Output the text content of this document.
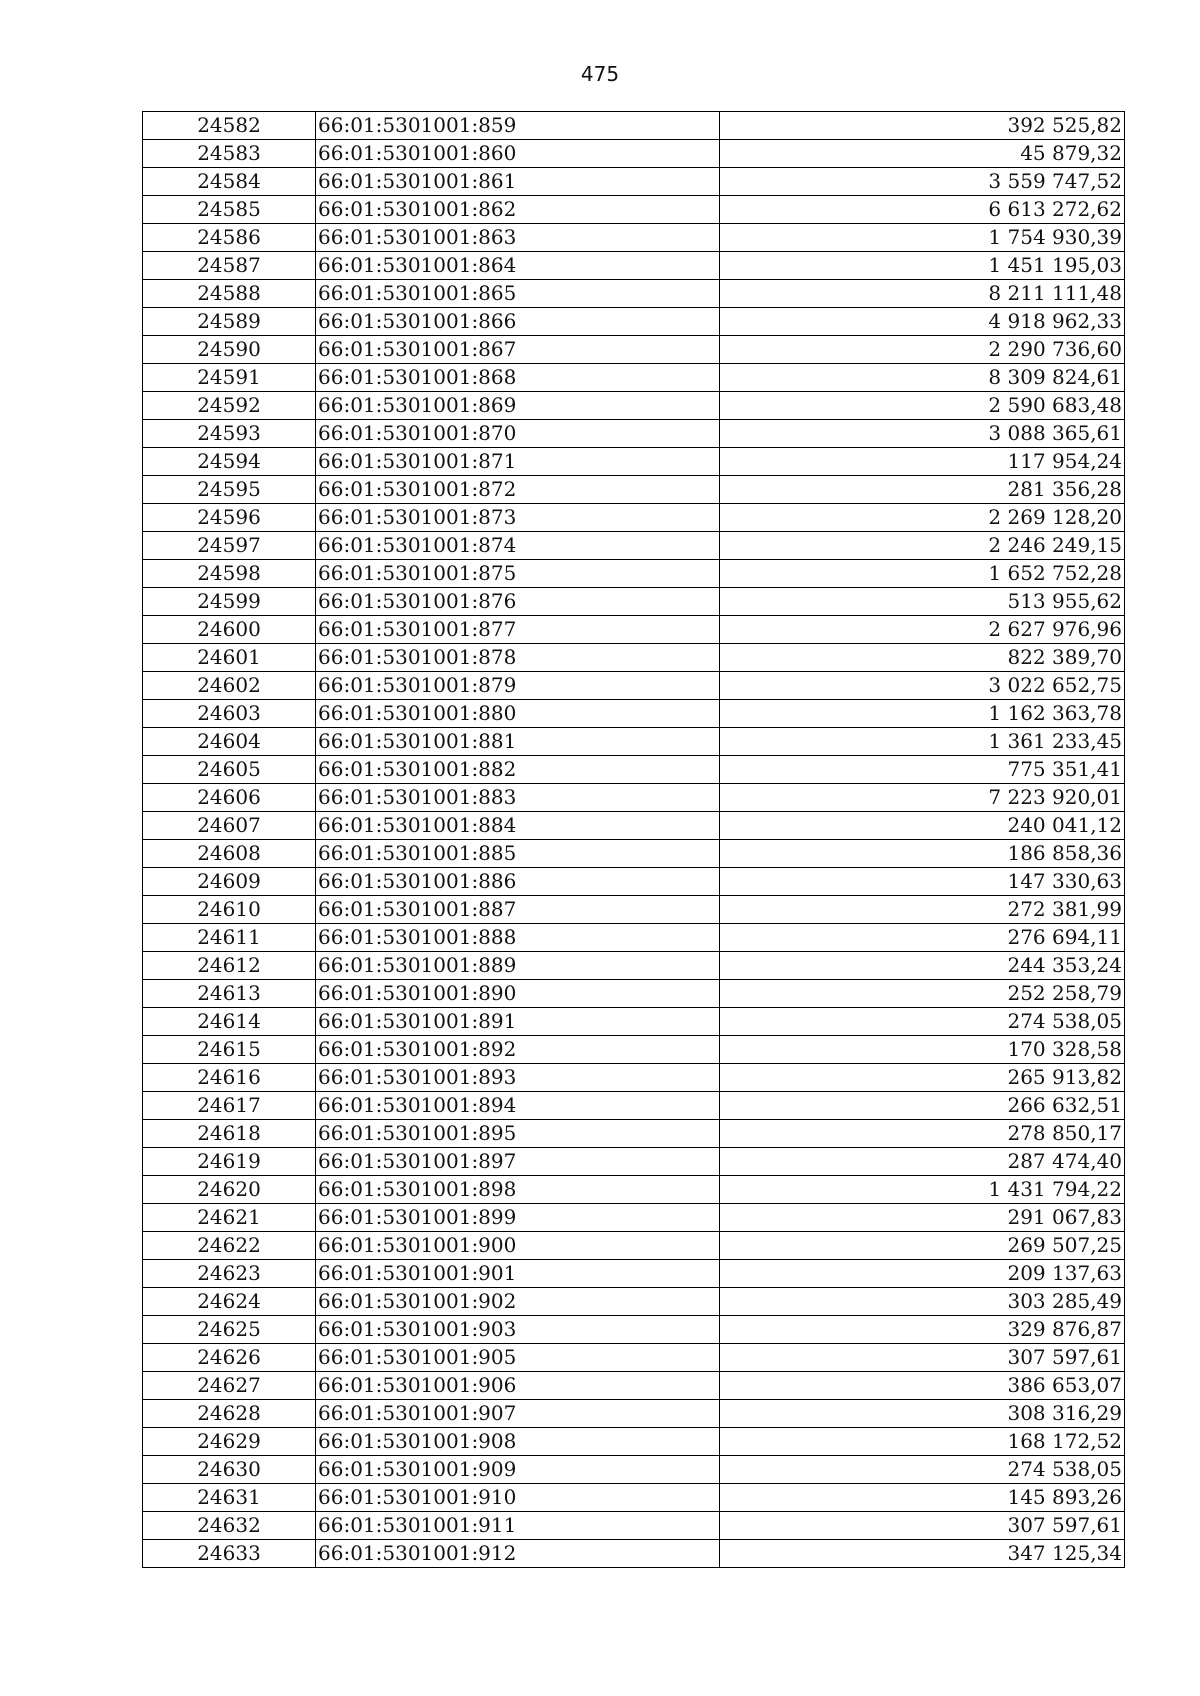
475
24582	66:01:5301001:859	392 525,82
24583	66:01:5301001:860	45 879,32
24584	66:01:5301001:861	3 559 747,52
24585	66:01:5301001:862	6 613 272,62
24586	66:01:5301001:863	1 754 930,39
24587	66:01:5301001:864	1 451 195,03
24588	66:01:5301001:865	8 211 111,48
24589	66:01:5301001:866	4 918 962,33
24590	66:01:5301001:867	2 290 736,60
24591	66:01:5301001:868	8 309 824,61
24592	66:01:5301001:869	2 590 683,48
24593	66:01:5301001:870	3 088 365,61
24594	66:01:5301001:871	117 954,24
24595	66:01:5301001:872	281 356,28
24596	66:01:5301001:873	2 269 128,20
24597	66:01:5301001:874	2 246 249,15
24598	66:01:5301001:875	1 652 752,28
24599	66:01:5301001:876	513 955,62
24600	66:01:5301001:877	2 627 976,96
24601	66:01:5301001:878	822 389,70
24602	66:01:5301001:879	3 022 652,75
24603	66:01:5301001:880	1 162 363,78
24604	66:01:5301001:881	1 361 233,45
24605	66:01:5301001:882	775 351,41
24606	66:01:5301001:883	7 223 920,01
24607	66:01:5301001:884	240 041,12
24608	66:01:5301001:885	186 858,36
24609	66:01:5301001:886	147 330,63
24610	66:01:5301001:887	272 381,99
24611	66:01:5301001:888	276 694,11
24612	66:01:5301001:889	244 353,24
24613	66:01:5301001:890	252 258,79
24614	66:01:5301001:891	274 538,05
24615	66:01:5301001:892	170 328,58
24616	66:01:5301001:893	265 913,82
24617	66:01:5301001:894	266 632,51
24618	66:01:5301001:895	278 850,17
24619	66:01:5301001:897	287 474,40
24620	66:01:5301001:898	1 431 794,22
24621	66:01:5301001:899	291 067,83
24622	66:01:5301001:900	269 507,25
24623	66:01:5301001:901	209 137,63
24624	66:01:5301001:902	303 285,49
24625	66:01:5301001:903	329 876,87
24626	66:01:5301001:905	307 597,61
24627	66:01:5301001:906	386 653,07
24628	66:01:5301001:907	308 316,29
24629	66:01:5301001:908	168 172,52
24630	66:01:5301001:909	274 538,05
24631	66:01:5301001:910	145 893,26
24632	66:01:5301001:911	307 597,61
24633	66:01:5301001:912	347 125,34
